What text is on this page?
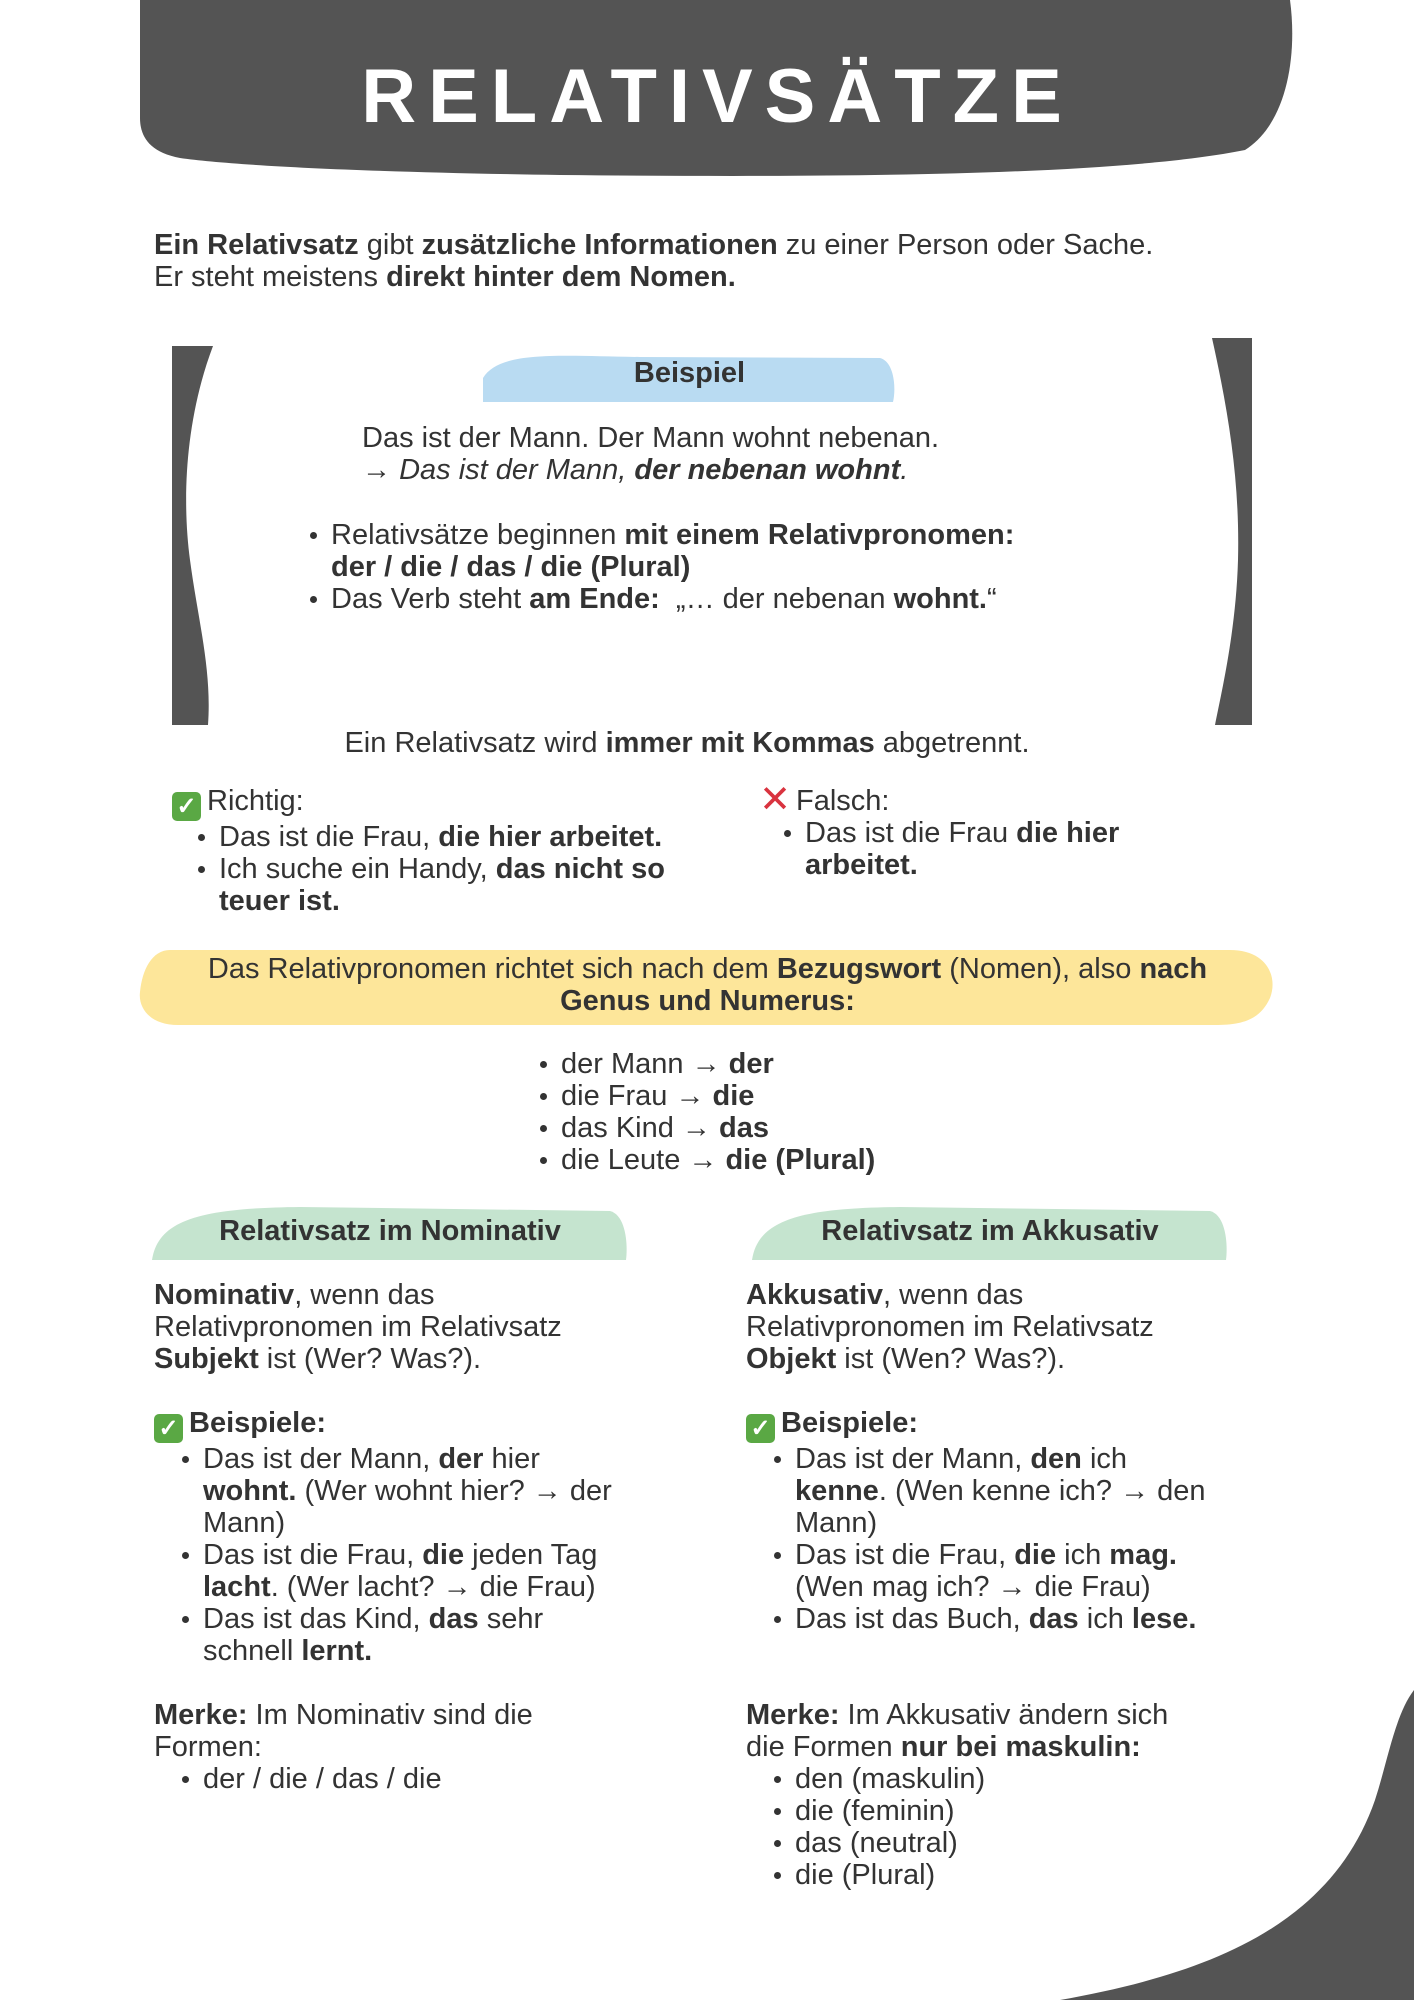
RELATIVSÄTZE
Ein Relativsatz gibt zusätzliche Informationen zu einer Person oder Sache.
Er steht meistens direkt hinter dem Nomen.
Beispiel
Das ist der Mann. Der Mann wohnt nebenan.
→ Das ist der Mann, der nebenan wohnt.
Relativsätze beginnen mit einem Relativpronomen:
der / die / das / die (Plural)
Das Verb steht am Ende:  „… der nebenan wohnt.“
Ein Relativsatz wird immer mit Kommas abgetrennt.
✓ Richtig:
Das ist die Frau, die hier arbeitet.
Ich suche ein Handy, das nicht so
teuer ist.
✕ Falsch:
Das ist die Frau die hier
arbeitet.
Das Relativpronomen richtet sich nach dem Bezugswort (Nomen), also nach
Genus und Numerus:
der Mann → der
die Frau → die
das Kind → das
die Leute → die (Plural)
Relativsatz im Nominativ
Nominativ, wenn das
Relativpronomen im Relativsatz
Subjekt ist (Wer? Was?).
✓ Beispiele:
Das ist der Mann, der hier
wohnt. (Wer wohnt hier? → der
Mann)
Das ist die Frau, die jeden Tag
lacht. (Wer lacht? → die Frau)
Das ist das Kind, das sehr
schnell lernt.
Merke: Im Nominativ sind die
Formen:
der / die / das / die
Relativsatz im Akkusativ
Akkusativ, wenn das
Relativpronomen im Relativsatz
Objekt ist (Wen? Was?).
✓ Beispiele:
Das ist der Mann, den ich
kenne. (Wen kenne ich? → den
Mann)
Das ist die Frau, die ich mag.
(Wen mag ich? → die Frau)
Das ist das Buch, das ich lese.
Merke: Im Akkusativ ändern sich
die Formen nur bei maskulin:
den (maskulin)
die (feminin)
das (neutral)
die (Plural)
